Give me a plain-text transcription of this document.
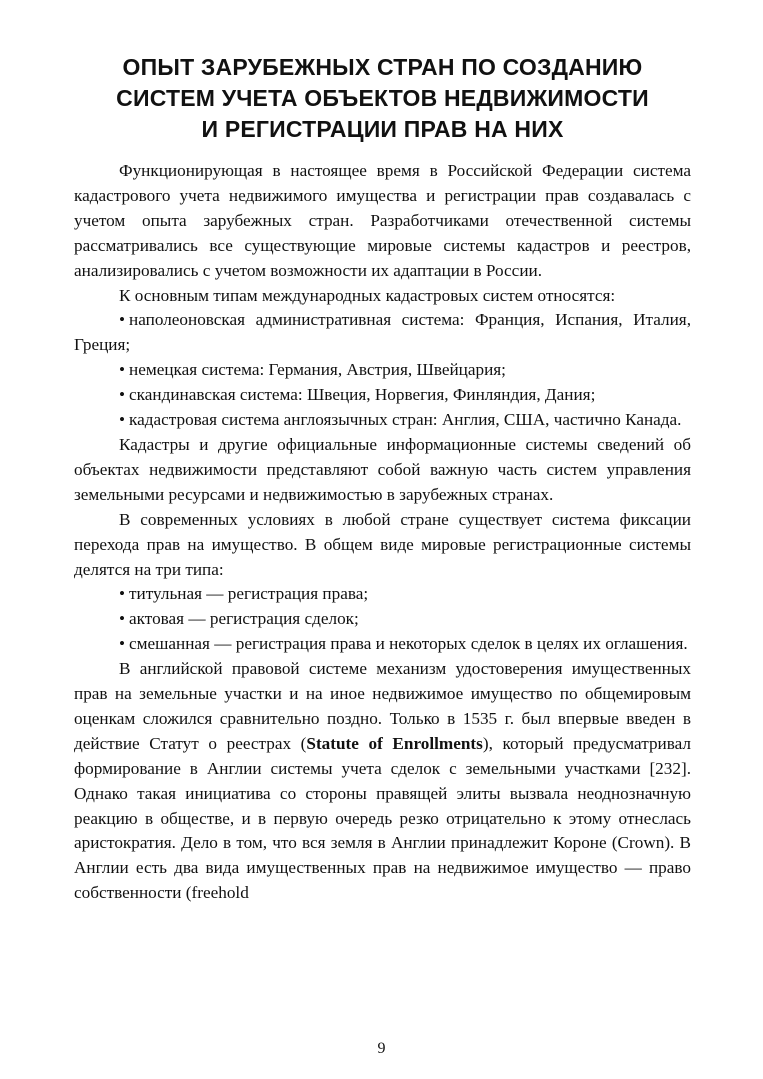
ОПЫТ ЗАРУБЕЖНЫХ СТРАН ПО СОЗДАНИЮ
СИСТЕМ УЧЕТА ОБЪЕКТОВ НЕДВИЖИМОСТИ
И РЕГИСТРАЦИИ ПРАВ НА НИХ

Функционирующая в настоящее время в Российской Федерации система кадастрового учета недвижимого имущества и регистрации прав создавалась с учетом опыта зарубежных стран. Разработчиками отечественной системы рассматривались все существующие мировые системы кадастров и реестров, анализировались с учетом возможности их адаптации в России.

К основным типам международных кадастровых систем относятся:

• наполеоновская административная система: Франция, Испания, Италия, Греция;

• немецкая система: Германия, Австрия, Швейцария;

• скандинавская система: Швеция, Норвегия, Финляндия, Дания;

• кадастровая система англоязычных стран: Англия, США, частично Канада.

Кадастры и другие официальные информационные системы сведений об объектах недвижимости представляют собой важную часть систем управления земельными ресурсами и недвижимостью в зарубежных странах.

В современных условиях в любой стране существует система фиксации перехода прав на имущество. В общем виде мировые регистрационные системы делятся на три типа:

• титульная — регистрация права;

• актовая — регистрация сделок;

• смешанная — регистрация права и некоторых сделок в целях их оглашения.

В английской правовой системе механизм удостоверения имущественных прав на земельные участки и на иное недвижимое имущество по общемировым оценкам сложился сравнительно поздно. Только в 1535 г. был впервые введен в действие Статут о реестрах (Statute of Enrollments), который предусматривал формирование в Англии системы учета сделок с земельными участками [232]. Однако такая инициатива со стороны правящей элиты вызвала неоднозначную реакцию в обществе, и в первую очередь резко отрицательно к этому отнеслась аристократия. Дело в том, что вся земля в Англии принадлежит Короне (Crown). В Англии есть два вида имущественных прав на недвижимое имущество — право собственности (freehold

9
